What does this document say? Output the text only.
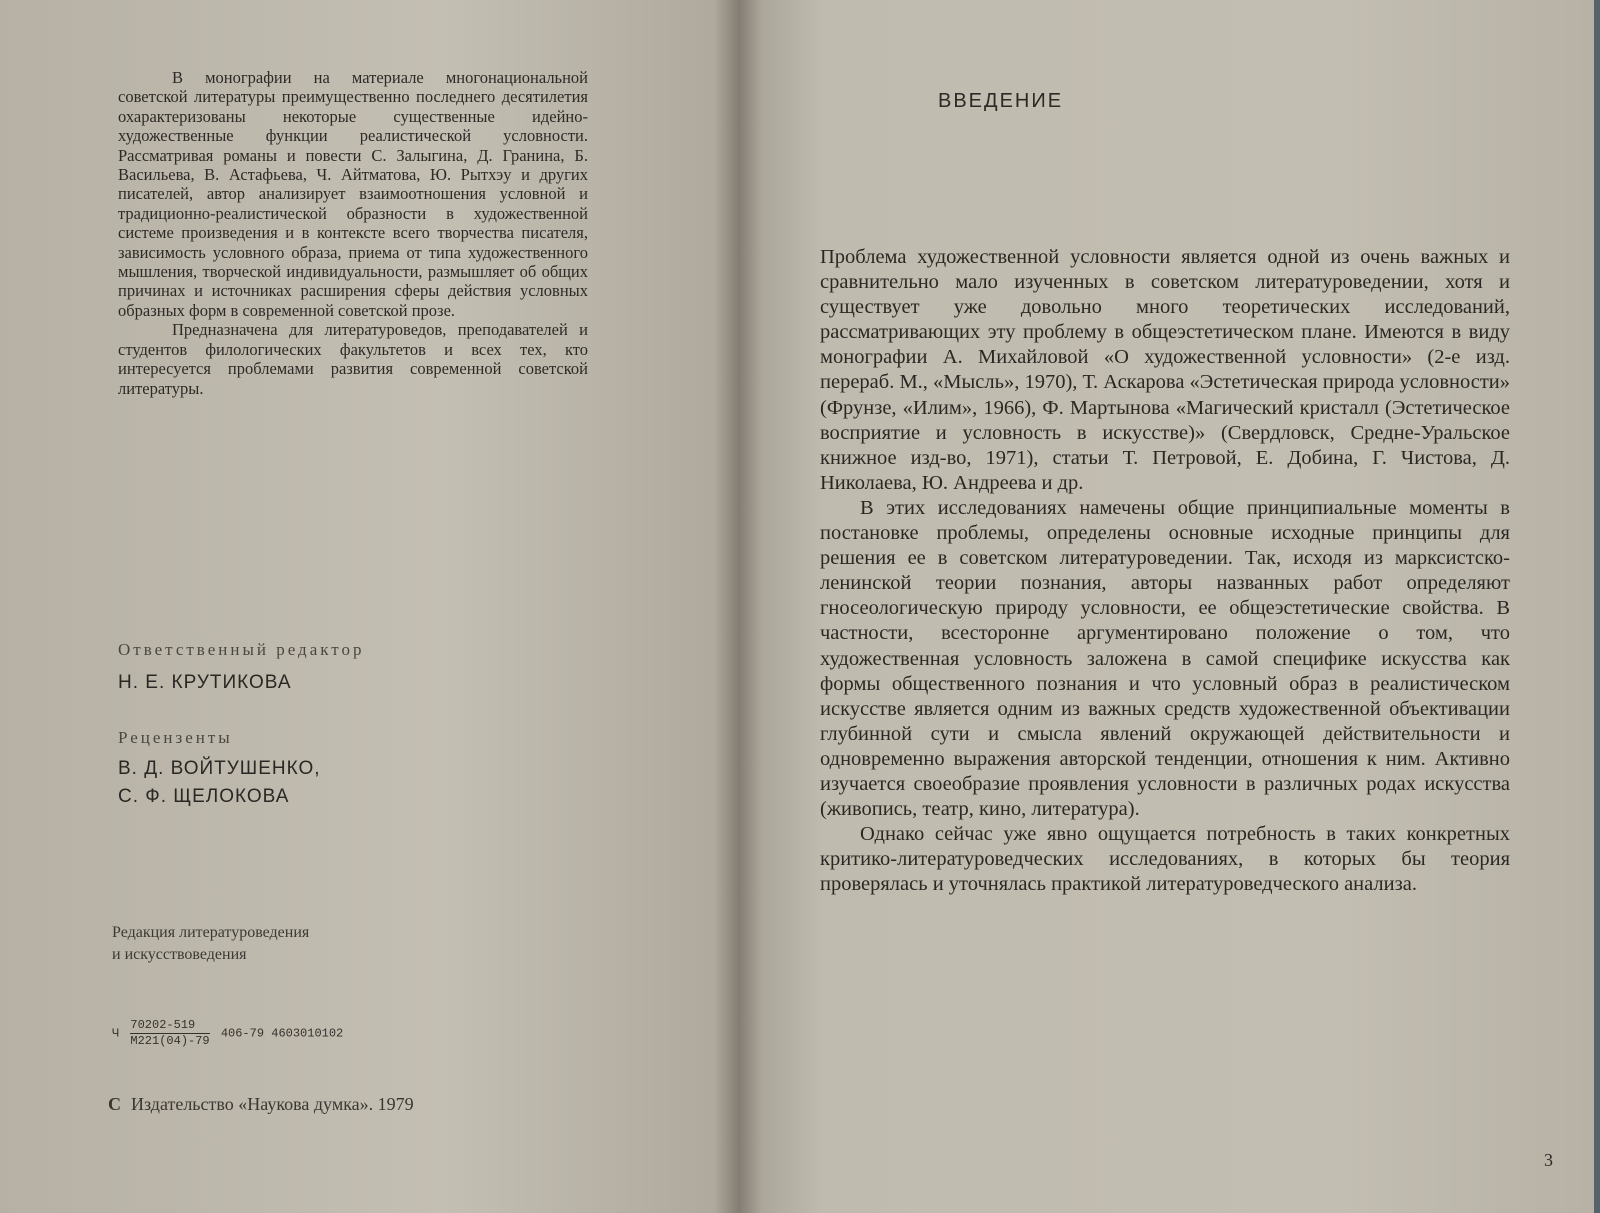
В монографии на материале многонациональной советской литературы преимущественно последнего десятилетия охарактеризованы некоторые существенные идейно-художественные функции реалистической условности. Рассматривая романы и повести С. Залыгина, Д. Гранина, Б. Васильева, В. Астафьева, Ч. Айтматова, Ю. Рытхэу и других писателей, автор анализирует взаимоотношения условной и традиционно-реалистической образности в художественной системе произведения и в контексте всего творчества писателя, зависимость условного образа, приема от типа художественного мышления, творческой индивидуальности, размышляет об общих причинах и источниках расширения сферы действия условных образных форм в современной советской прозе.

Предназначена для литературоведов, преподавателей и студентов филологических факультетов и всех тех, кто интересуется проблемами развития современной советской литературы.

Ответственный редактор
Н. Е. КРУТИКОВА
Рецензенты
В. Д. ВОЙТУШЕНКО,
С. Ф. ЩЕЛОКОВА
Редакция литературоведения
и искусствоведения
Ч $\frac{70202-519}{М221(04)-79} 406-79$ 4603010102
С Издательство «Наукова думка». 1979
ВВЕДЕНИЕ

Проблема художественной условности является одной из очень важных и сравнительно мало изученных в советском литературоведении, хотя и существует уже довольно много теоретических исследований, рассматривающих эту проблему в общеэстетическом плане. Имеются в виду монографии А. Михайловой «О художественной условности» (2-е изд. перераб. М., «Мысль», 1970), Т. Аскарова «Эстетическая природа условности» (Фрунзе, «Илим», 1966), Ф. Мартынова «Магический кристалл (Эстетическое восприятие и условность в искусстве)» (Свердловск, Средне-Уральское книжное изд-во, 1971), статьи Т. Петровой, Е. Добина, Г. Чистова, Д. Николаева, Ю. Андреева и др.

В этих исследованиях намечены общие принципиальные моменты в постановке проблемы, определены основные исходные принципы для решения ее в советском литературоведении. Так, исходя из марксистско-ленинской теории познания, авторы названных работ определяют гносеологическую природу условности, ее общеэстетические свойства. В частности, всесторонне аргументировано положение о том, что художественная условность заложена в самой специфике искусства как формы общественного познания и что условный образ в реалистическом искусстве является одним из важных средств художественной объективации глубинной сути и смысла явлений окружающей действительности и одновременно выражения авторской тенденции, отношения к ним. Активно изучается своеобразие проявления условности в различных родах искусства (живопись, театр, кино, литература).

Однако сейчас уже явно ощущается потребность в таких конкретных критико-литературоведческих исследованиях, в которых бы теория проверялась и уточнялась практикой литературоведческого анализа.

3
